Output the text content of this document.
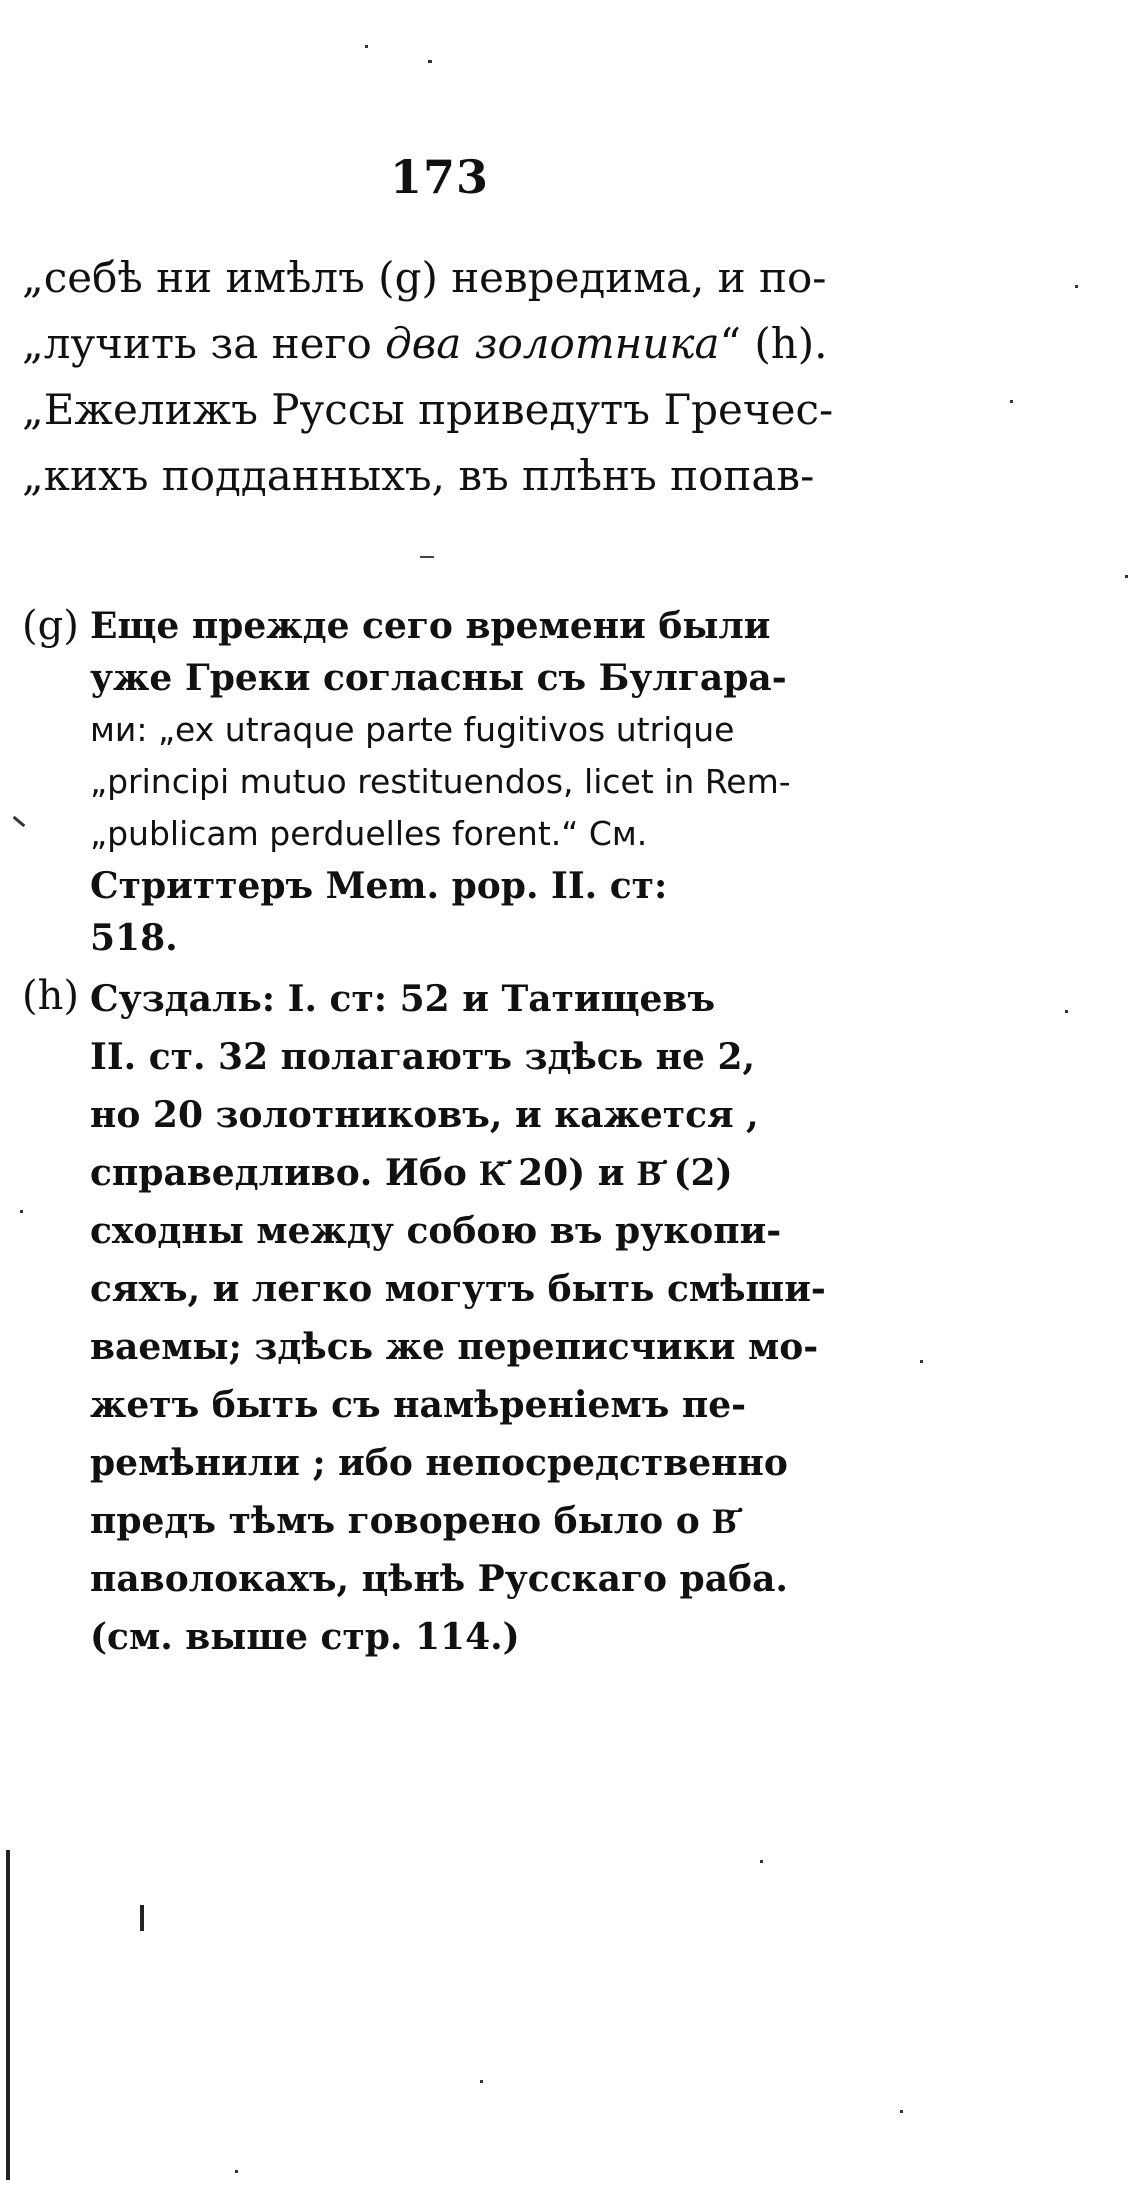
173
„себѣ ни имѣлъ (g) невредима, и по-
„лучить за него два золотника“ (h).
„Ежелижъ Руссы приведутъ Гречес-
„кихъ подданныхъ, въ плѣнъ попав-
(g) Еще прежде сего времени были
уже Греки согласны съ Булгара-
ми: „ex utraque parte fugitivos utrique
„principi mutuo restituendos, licet in Rem-
„publicam perduelles forent.“ См.
Стриттеръ Mem. pop. II. ст:
518.
(h) Суздаль: I. ст: 52 и Татищевъ
II. ст. 32 полагаютъ здѣсь не 2,
но 20 золотниковъ, и кажется ,
справедливо. Ибо К҃ 20) и В҃ (2)
сходны между собою въ рукопи-
сяхъ, и легко могутъ быть смѣши-
ваемы; здѣсь же переписчики мо-
жетъ быть съ намѣреніемъ пе-
ремѣнили ; ибо непосредственно
предъ тѣмъ говорено было о В҃
паволокахъ, цѣнѣ Русскаго раба.
(см. выше стр. 114.)
